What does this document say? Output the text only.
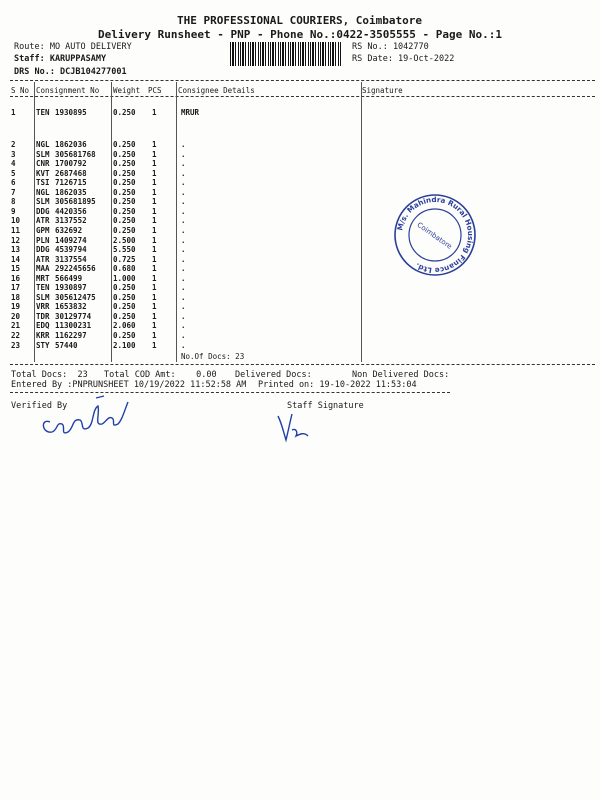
THE PROFESSIONAL COURIERS, Coimbatore
Delivery Runsheet - PNP - Phone No.:0422-3505555 - Page No.:1
Route: MO AUTO DELIVERY
Staff: KARUPPASAMY
DRS No.: DCJB104277001
RS No.: 1042770
RS Date: 19-Oct-2022
S No Consignment No Weight PCS Consignee Details	Signature
1	TEN 1930895	0.250 1	MRUR
2	NGL 1862036	0.250 1	.
3	SLM 305681768 0.250 1	.
4	CNR 1700792	0.250 1	.
5	KVT 2687468	0.250 1	.
6	TSI 7126715	0.250 1	.
7	NGL 1862035	0.250 1	.
8	SLM 305681895 0.250 1	.
9	DDG 4420356	0.250 1	.
10 ATR 3137552	0.250 1	.
11 GPM 632692	0.250 1	.
12 PLN 1409274	2.500 1	.
13 DDG 4539794	5.550 1	.
14 ATR 3137554	0.725 1	.
15 MAA 292245656 0.680 1	.
16 MRT 566499	1.000 1	.
17 TEN 1930897	0.250 1	.
18 SLM 305612475 0.250 1	.
19 VRR 1653832	0.250 1	.
20 TDR 30129774	0.250 1	.
21 EDQ 11300231	2.060 1	.
22 KRR 1162297	0.250 1	.
23 STY 57440	2.100 1	.
No.Of Docs: 23
Total Docs:  23 Total COD Amt:    0.00 Delivered Docs:	Non Delivered Docs:
Entered By :PNPRUNSHEET 10/19/2022 11:52:58 AM Printed on: 19-10-2022 11:53:04
Verified By	Staff Signature
M/s. Mahindra Rural Housing Finance Ltd.
Coimbatore
